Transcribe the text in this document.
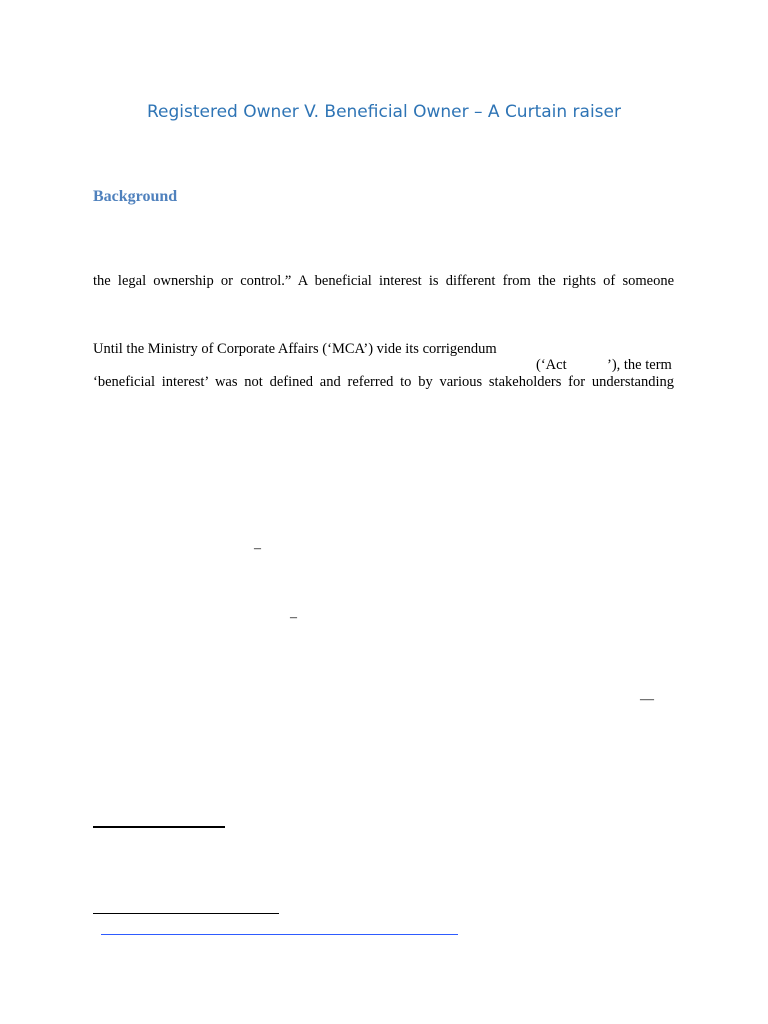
Registered Owner V. Beneficial Owner – A Curtain raiser
Background
the legal ownership or control.” A beneficial interest is different from the rights of someone
Until the Ministry of Corporate Affairs (‘MCA’) vide its corrigendum
(‘Act	’), the term
‘beneficial interest’ was not defined and referred to by various stakeholders for understanding
–
–
—
